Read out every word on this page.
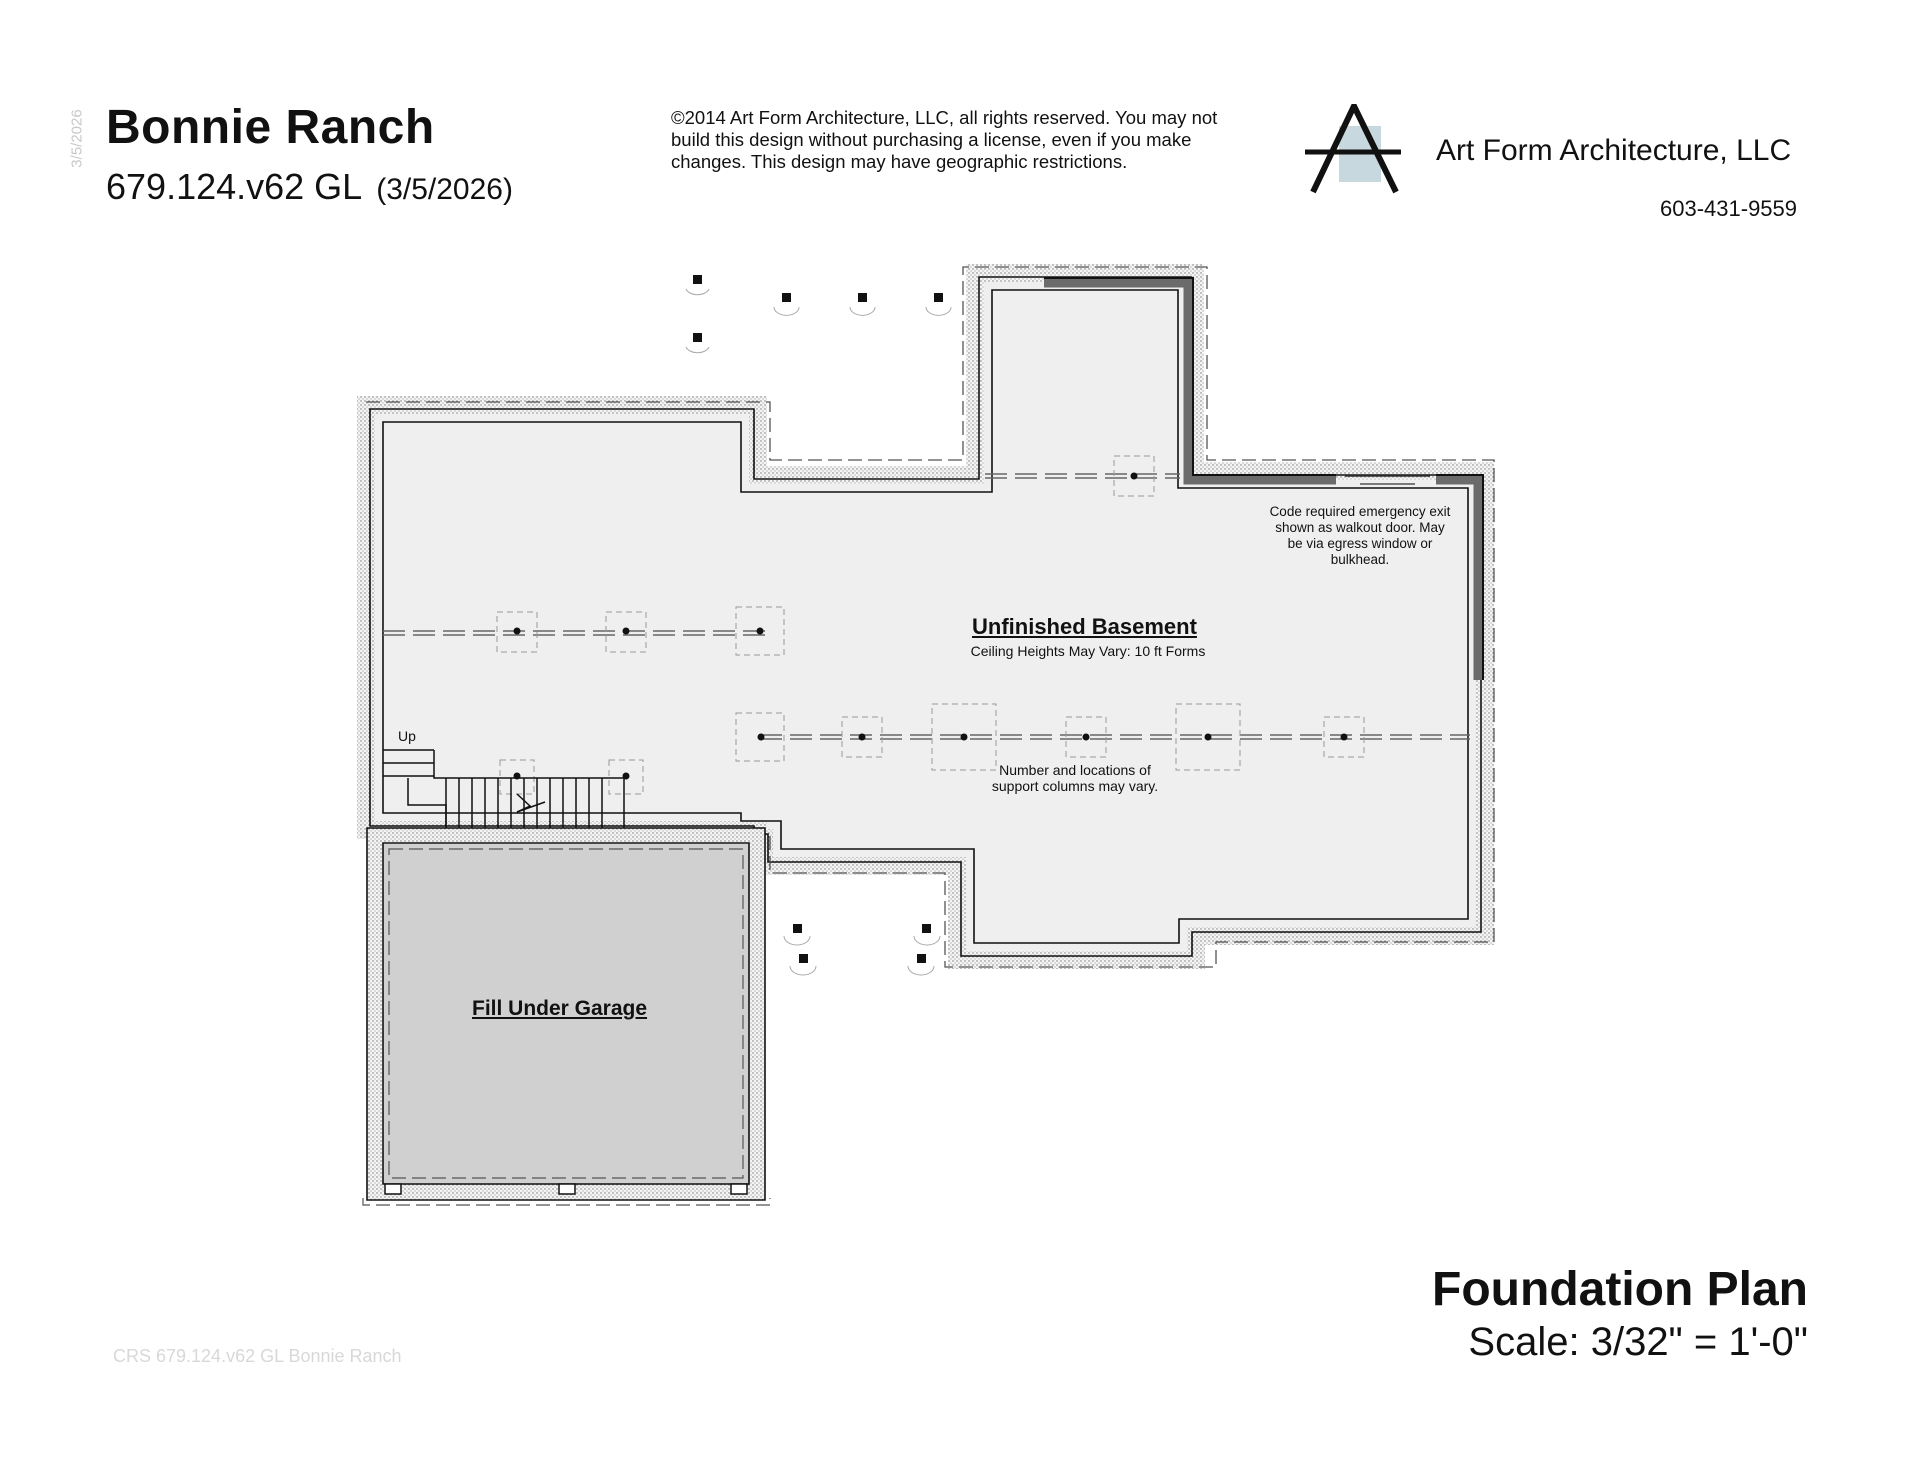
3/5/2026 Bonnie Ranch
679.124.v62 GL (3/5/2026)
©2014 Art Form Architecture, LLC, all rights reserved. You may not build this design without purchasing a license, even if you make changes. This design may have geographic restrictions.	Art Form Architecture, LLC
603-431-9559
Unfinished Basement
Ceiling Heights May Vary: 10 ft Forms
Code required emergency exit
shown as walkout door. May
be via egress window or
bulkhead.
Number and locations of
support columns may vary.
Up
Fill Under Garage
Foundation Plan
Scale: 3/32" = 1'-0"
CRS 679.124.v62 GL Bonnie Ranch
